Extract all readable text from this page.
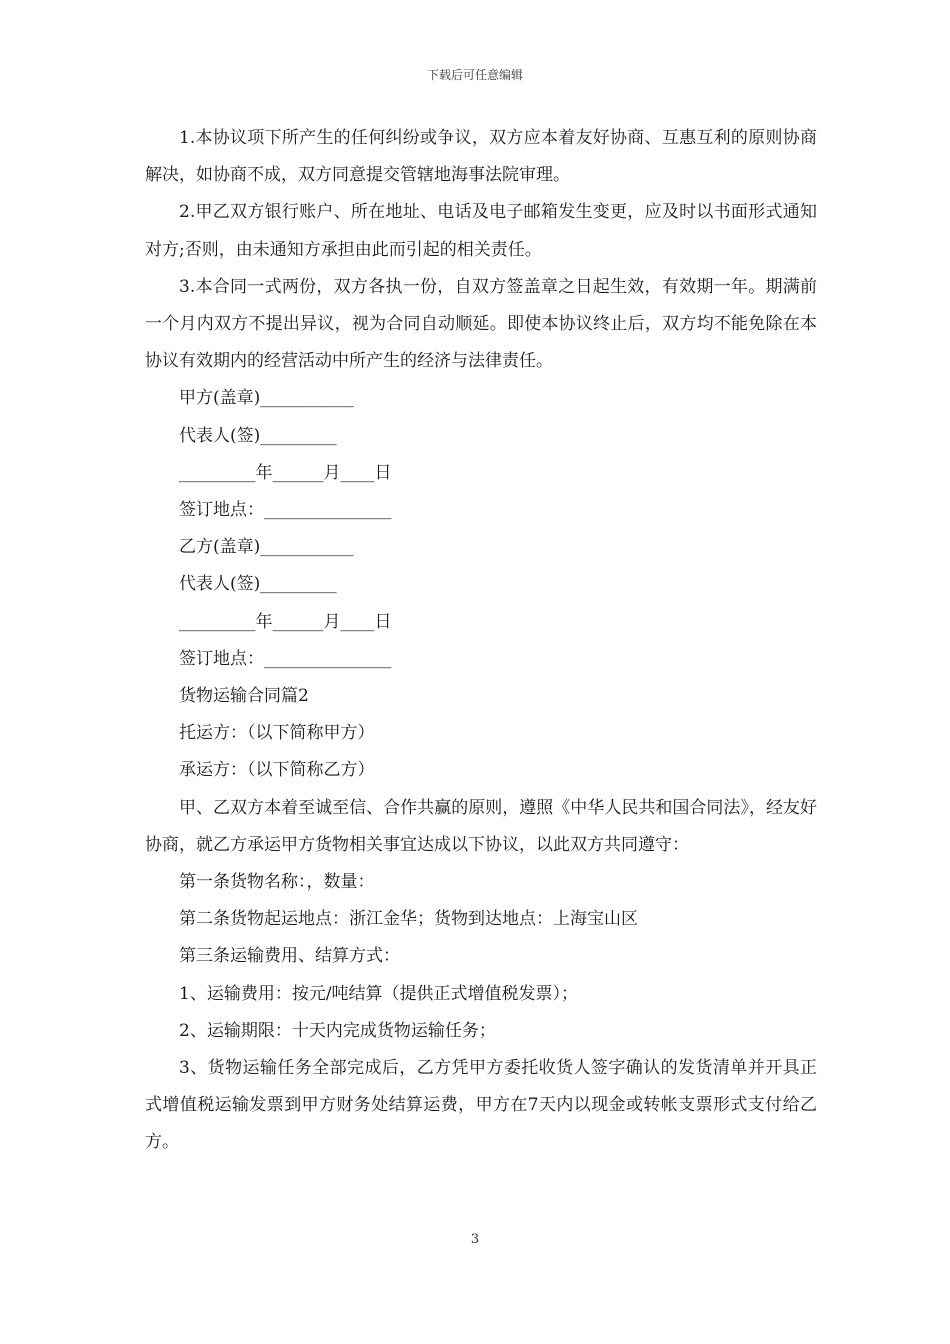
下载后可任意编辑

1.本协议项下所产生的任何纠纷或争议，双方应本着友好协商、互惠互利的原则协商解决，如协商不成，双方同意提交管辖地海事法院审理。

2.甲乙双方银行账户、所在地址、电话及电子邮箱发生变更，应及时以书面形式通知对方;否则，由未通知方承担由此而引起的相关责任。

3.本合同一式两份，双方各执一份，自双方签盖章之日起生效，有效期一年。期满前一个月内双方不提出异议，视为合同自动顺延。即使本协议终止后，双方均不能免除在本协议有效期内的经营活动中所产生的经济与法律责任。

甲方(盖章)___________

代表人(签)_________

_________年______月____日

签订地点：_______________

乙方(盖章)___________

代表人(签)_________

_________年______月____日

签订地点：_______________

货物运输合同篇2

托运方：（以下简称甲方）

承运方：（以下简称乙方）

甲、乙双方本着至诚至信、合作共赢的原则，遵照《中华人民共和国合同法》，经友好协商，就乙方承运甲方货物相关事宜达成以下协议，以此双方共同遵守：

第一条货物名称：，数量：

第二条货物起运地点：浙江金华；货物到达地点：上海宝山区

第三条运输费用、结算方式：

1、运输费用：按元/吨结算（提供正式增值税发票）；

2、运输期限：十天内完成货物运输任务；

3、货物运输任务全部完成后，乙方凭甲方委托收货人签字确认的发货清单并开具正式增值税运输发票到甲方财务处结算运费，甲方在7天内以现金或转帐支票形式支付给乙方。

3
